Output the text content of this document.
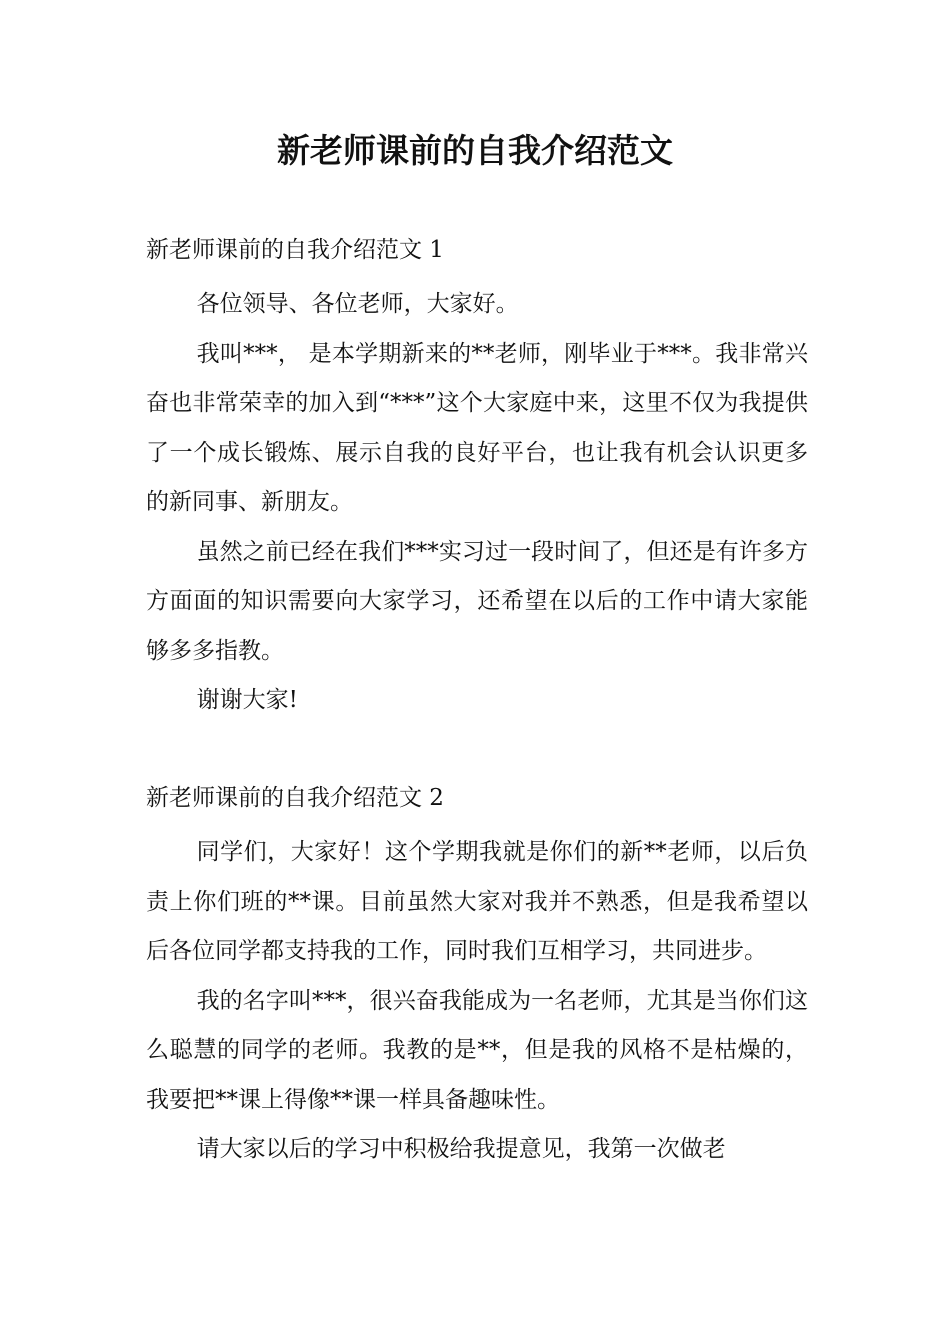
新老师课前的自我介绍范文
新老师课前的自我介绍范文 1

各位领导、各位老师，大家好。

我叫***， 是本学期新来的**老师，刚毕业于***。我非常兴奋也非常荣幸的加入到“***”这个大家庭中来，这里不仅为我提供了一个成长锻炼、展示自我的良好平台，也让我有机会认识更多的新同事、新朋友。

虽然之前已经在我们***实习过一段时间了，但还是有许多方方面面的知识需要向大家学习，还希望在以后的工作中请大家能够多多指教。

谢谢大家!

新老师课前的自我介绍范文 2

同学们，大家好！这个学期我就是你们的新**老师，以后负责上你们班的**课。目前虽然大家对我并不熟悉，但是我希望以后各位同学都支持我的工作，同时我们互相学习，共同进步。

我的名字叫***，很兴奋我能成为一名老师，尤其是当你们这么聪慧的同学的老师。我教的是**，但是我的风格不是枯燥的，我要把**课上得像**课一样具备趣味性。

请大家以后的学习中积极给我提意见，我第一次做老
